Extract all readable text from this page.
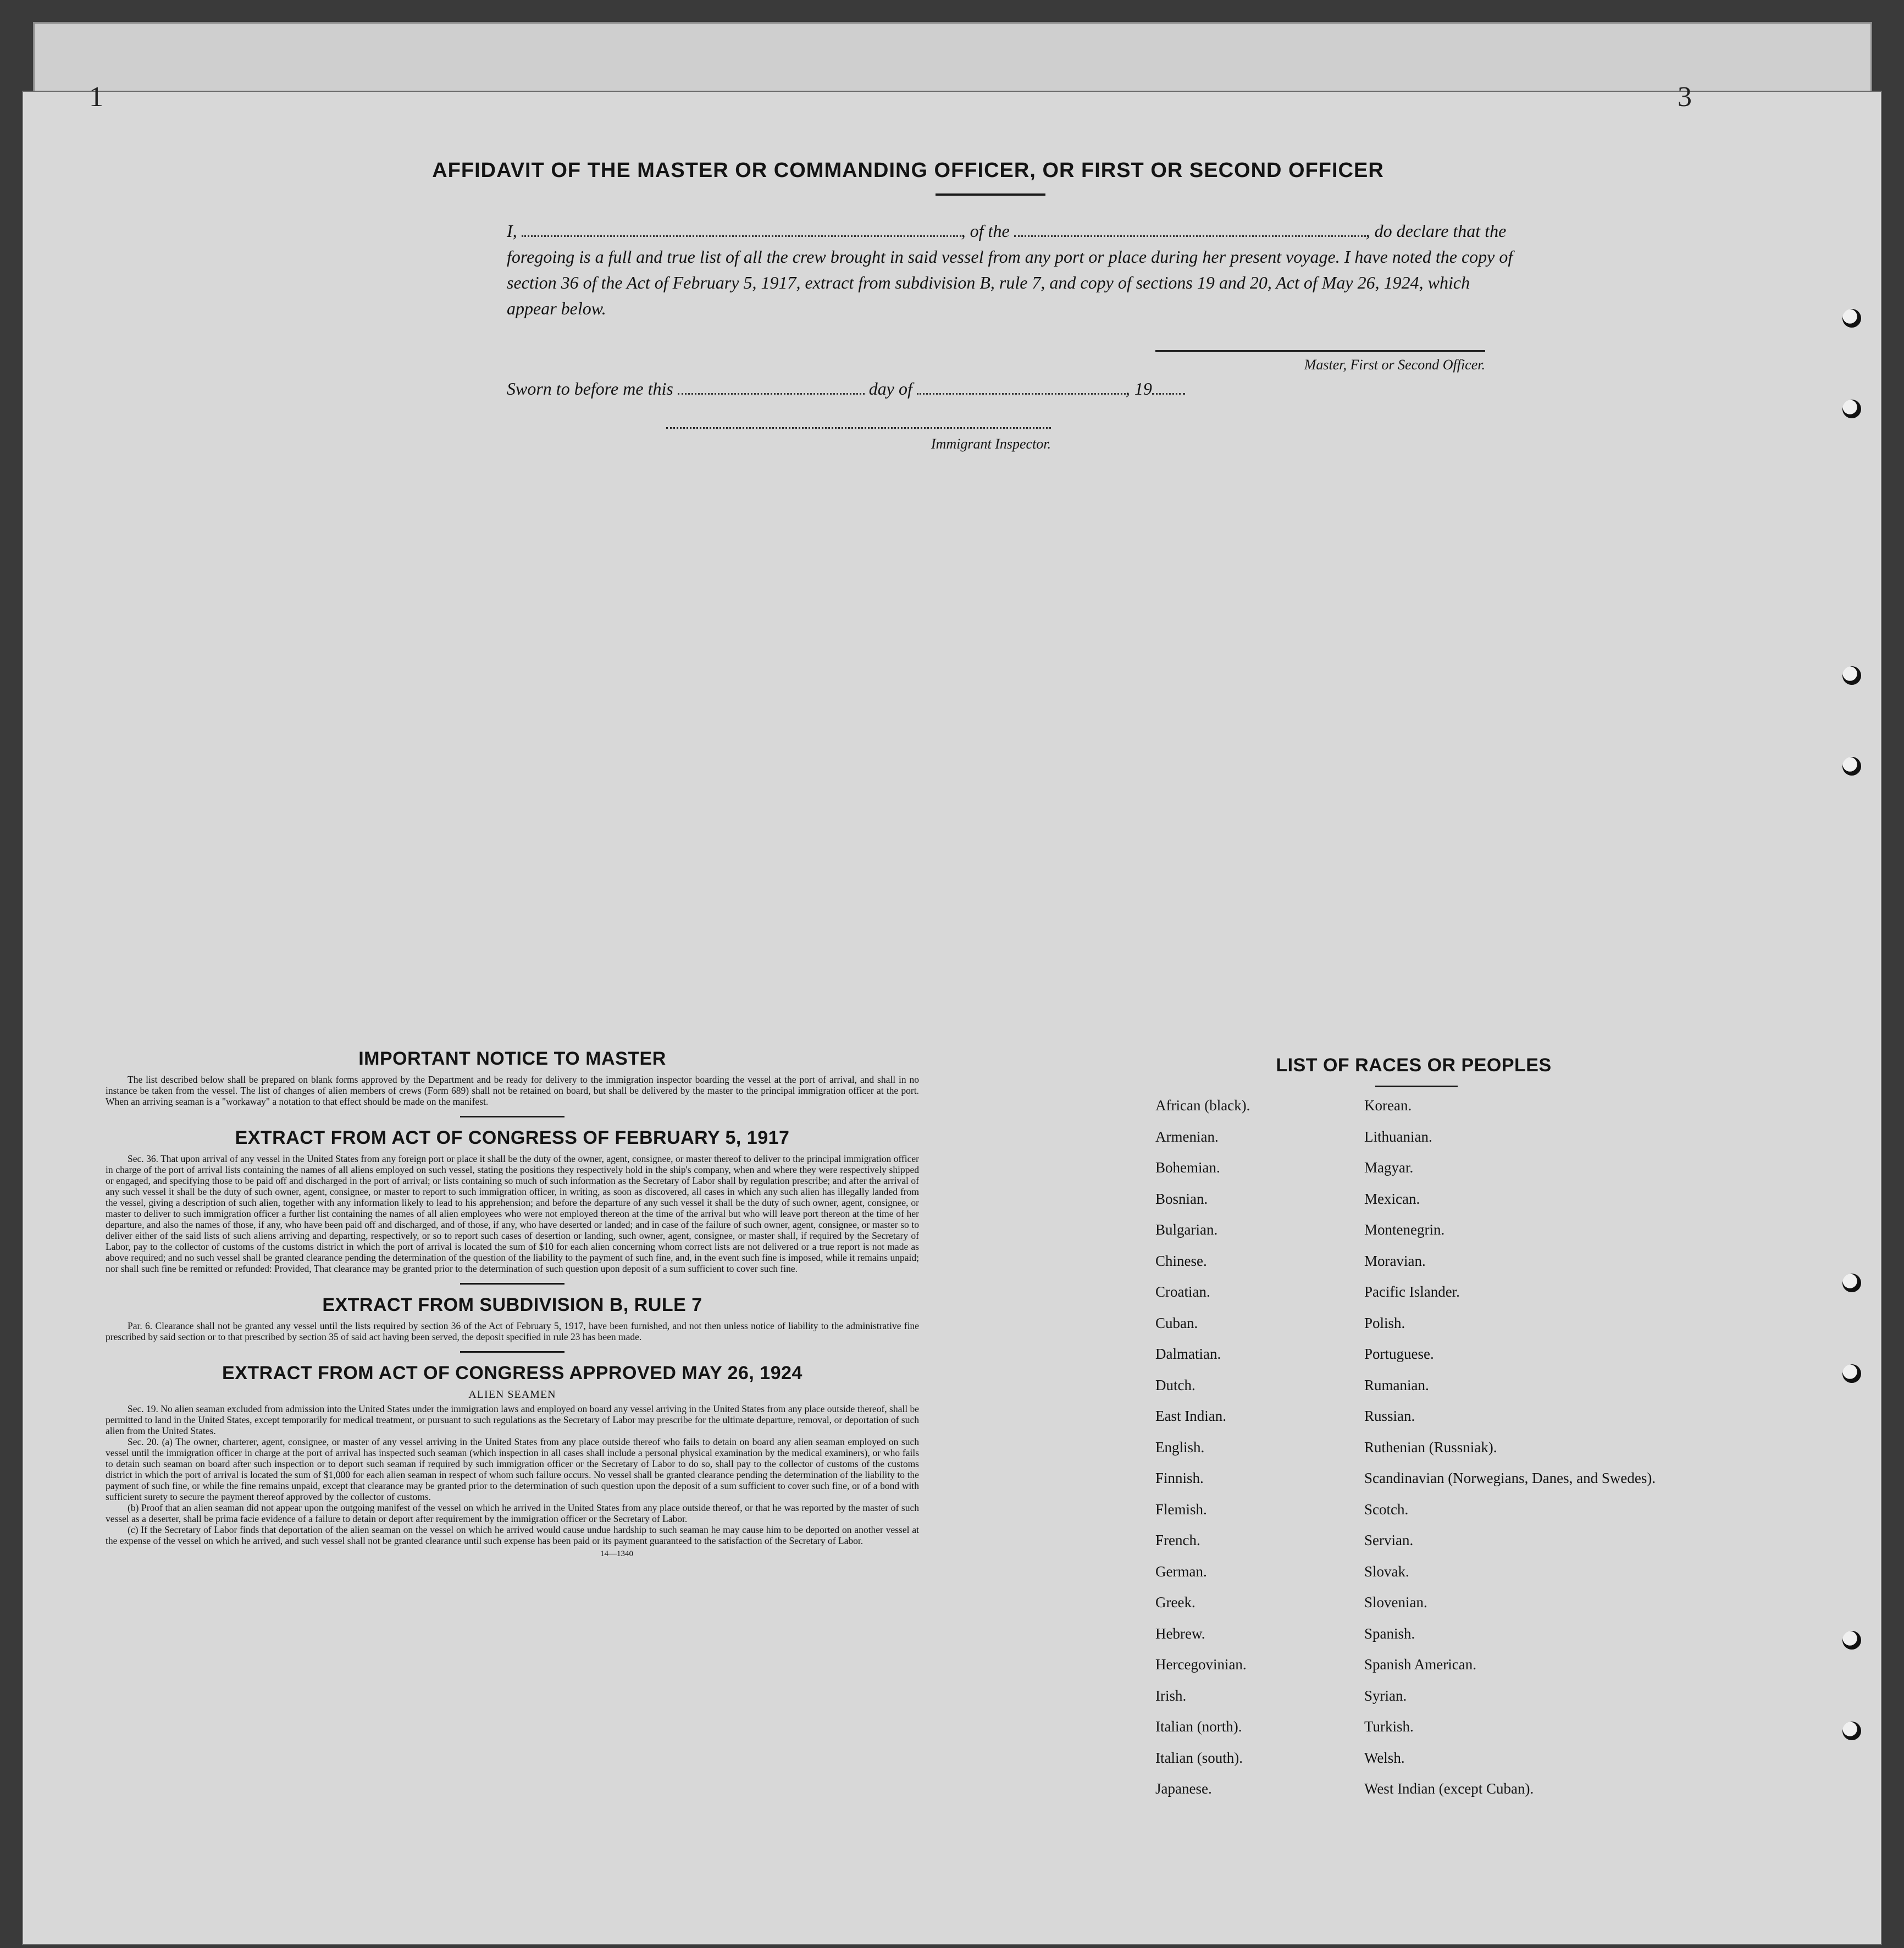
1	3
AFFIDAVIT OF THE MASTER OR COMMANDING OFFICER, OR FIRST OR SECOND OFFICER
I,	, of the	, do declare that the foregoing is a full and true list of all the crew brought in said vessel from any port or place during her present voyage. I have noted the copy of section 36 of the Act of February 5, 1917, extract from subdivision B, rule 7, and copy of sections 19 and 20, Act of May 26, 1924, which appear below.
Master, First or Second Officer.
Sworn to before me this	day of	, 19
Immigrant Inspector.
IMPORTANT NOTICE TO MASTER

The list described below shall be prepared on blank forms approved by the Department and be ready for delivery to the immigration inspector boarding the vessel at the port of arrival, and shall in no instance be taken from the vessel. The list of changes of alien members of crews (Form 689) shall not be retained on board, but shall be delivered by the master to the principal immigration officer at the port. When an arriving seaman is a "workaway" a notation to that effect should be made on the manifest.

EXTRACT FROM ACT OF CONGRESS OF FEBRUARY 5, 1917

Sec. 36. That upon arrival of any vessel in the United States from any foreign port or place it shall be the duty of the owner, agent, consignee, or master thereof to deliver to the principal immigration officer in charge of the port of arrival lists containing the names of all aliens employed on such vessel, stating the positions they respectively hold in the ship's company, when and where they were respectively shipped or engaged, and specifying those to be paid off and discharged in the port of arrival; or lists containing so much of such information as the Secretary of Labor shall by regulation prescribe; and after the arrival of any such vessel it shall be the duty of such owner, agent, consignee, or master to report to such immigration officer, in writing, as soon as discovered, all cases in which any such alien has illegally landed from the vessel, giving a description of such alien, together with any information likely to lead to his apprehension; and before the departure of any such vessel it shall be the duty of such owner, agent, consignee, or master to deliver to such immigration officer a further list containing the names of all alien employees who were not employed thereon at the time of the arrival but who will leave port thereon at the time of her departure, and also the names of those, if any, who have been paid off and discharged, and of those, if any, who have deserted or landed; and in case of the failure of such owner, agent, consignee, or master so to deliver either of the said lists of such aliens arriving and departing, respectively, or so to report such cases of desertion or landing, such owner, agent, consignee, or master shall, if required by the Secretary of Labor, pay to the collector of customs of the customs district in which the port of arrival is located the sum of $10 for each alien concerning whom correct lists are not delivered or a true report is not made as above required; and no such vessel shall be granted clearance pending the determination of the question of the liability to the payment of such fine, and, in the event such fine is imposed, while it remains unpaid; nor shall such fine be remitted or refunded: Provided, That clearance may be granted prior to the determination of such question upon deposit of a sum sufficient to cover such fine.

EXTRACT FROM SUBDIVISION B, RULE 7

Par. 6. Clearance shall not be granted any vessel until the lists required by section 36 of the Act of February 5, 1917, have been furnished, and not then unless notice of liability to the administrative fine prescribed by said section or to that prescribed by section 35 of said act having been served, the deposit specified in rule 23 has been made.

EXTRACT FROM ACT OF CONGRESS APPROVED MAY 26, 1924
ALIEN SEAMEN

Sec. 19. No alien seaman excluded from admission into the United States under the immigration laws and employed on board any vessel arriving in the United States from any place outside thereof, shall be permitted to land in the United States, except temporarily for medical treatment, or pursuant to such regulations as the Secretary of Labor may prescribe for the ultimate departure, removal, or deportation of such alien from the United States.

Sec. 20. (a) The owner, charterer, agent, consignee, or master of any vessel arriving in the United States from any place outside thereof who fails to detain on board any alien seaman employed on such vessel until the immigration officer in charge at the port of arrival has inspected such seaman (which inspection in all cases shall include a personal physical examination by the medical examiners), or who fails to detain such seaman on board after such inspection or to deport such seaman if required by such immigration officer or the Secretary of Labor to do so, shall pay to the collector of customs of the customs district in which the port of arrival is located the sum of $1,000 for each alien seaman in respect of whom such failure occurs. No vessel shall be granted clearance pending the determination of the liability to the payment of such fine, or while the fine remains unpaid, except that clearance may be granted prior to the determination of such question upon the deposit of a sum sufficient to cover such fine, or of a bond with sufficient surety to secure the payment thereof approved by the collector of customs.

(b) Proof that an alien seaman did not appear upon the outgoing manifest of the vessel on which he arrived in the United States from any place outside thereof, or that he was reported by the master of such vessel as a deserter, shall be prima facie evidence of a failure to detain or deport after requirement by the immigration officer or the Secretary of Labor.

(c) If the Secretary of Labor finds that deportation of the alien seaman on the vessel on which he arrived would cause undue hardship to such seaman he may cause him to be deported on another vessel at the expense of the vessel on which he arrived, and such vessel shall not be granted clearance until such expense has been paid or its payment guaranteed to the satisfaction of the Secretary of Labor.

14—1340
LIST OF RACES OR PEOPLES
African (black).	Korean.
Armenian.	Lithuanian.
Bohemian.	Magyar.
Bosnian.	Mexican.
Bulgarian.	Montenegrin.
Chinese.	Moravian.
Croatian.	Pacific Islander.
Cuban.	Polish.
Dalmatian.	Portuguese.
Dutch.	Rumanian.
East Indian.	Russian.
English.	Ruthenian (Russniak).
Finnish.	Scandinavian (Norwegians, Danes, and Swedes).
Flemish.	Scotch.
French.	Servian.
German.	Slovak.
Greek.	Slovenian.
Hebrew.	Spanish.
Hercegovinian.	Spanish American.
Irish.	Syrian.
Italian (north).	Turkish.
Italian (south).	Welsh.
Japanese.	West Indian (except Cuban).
